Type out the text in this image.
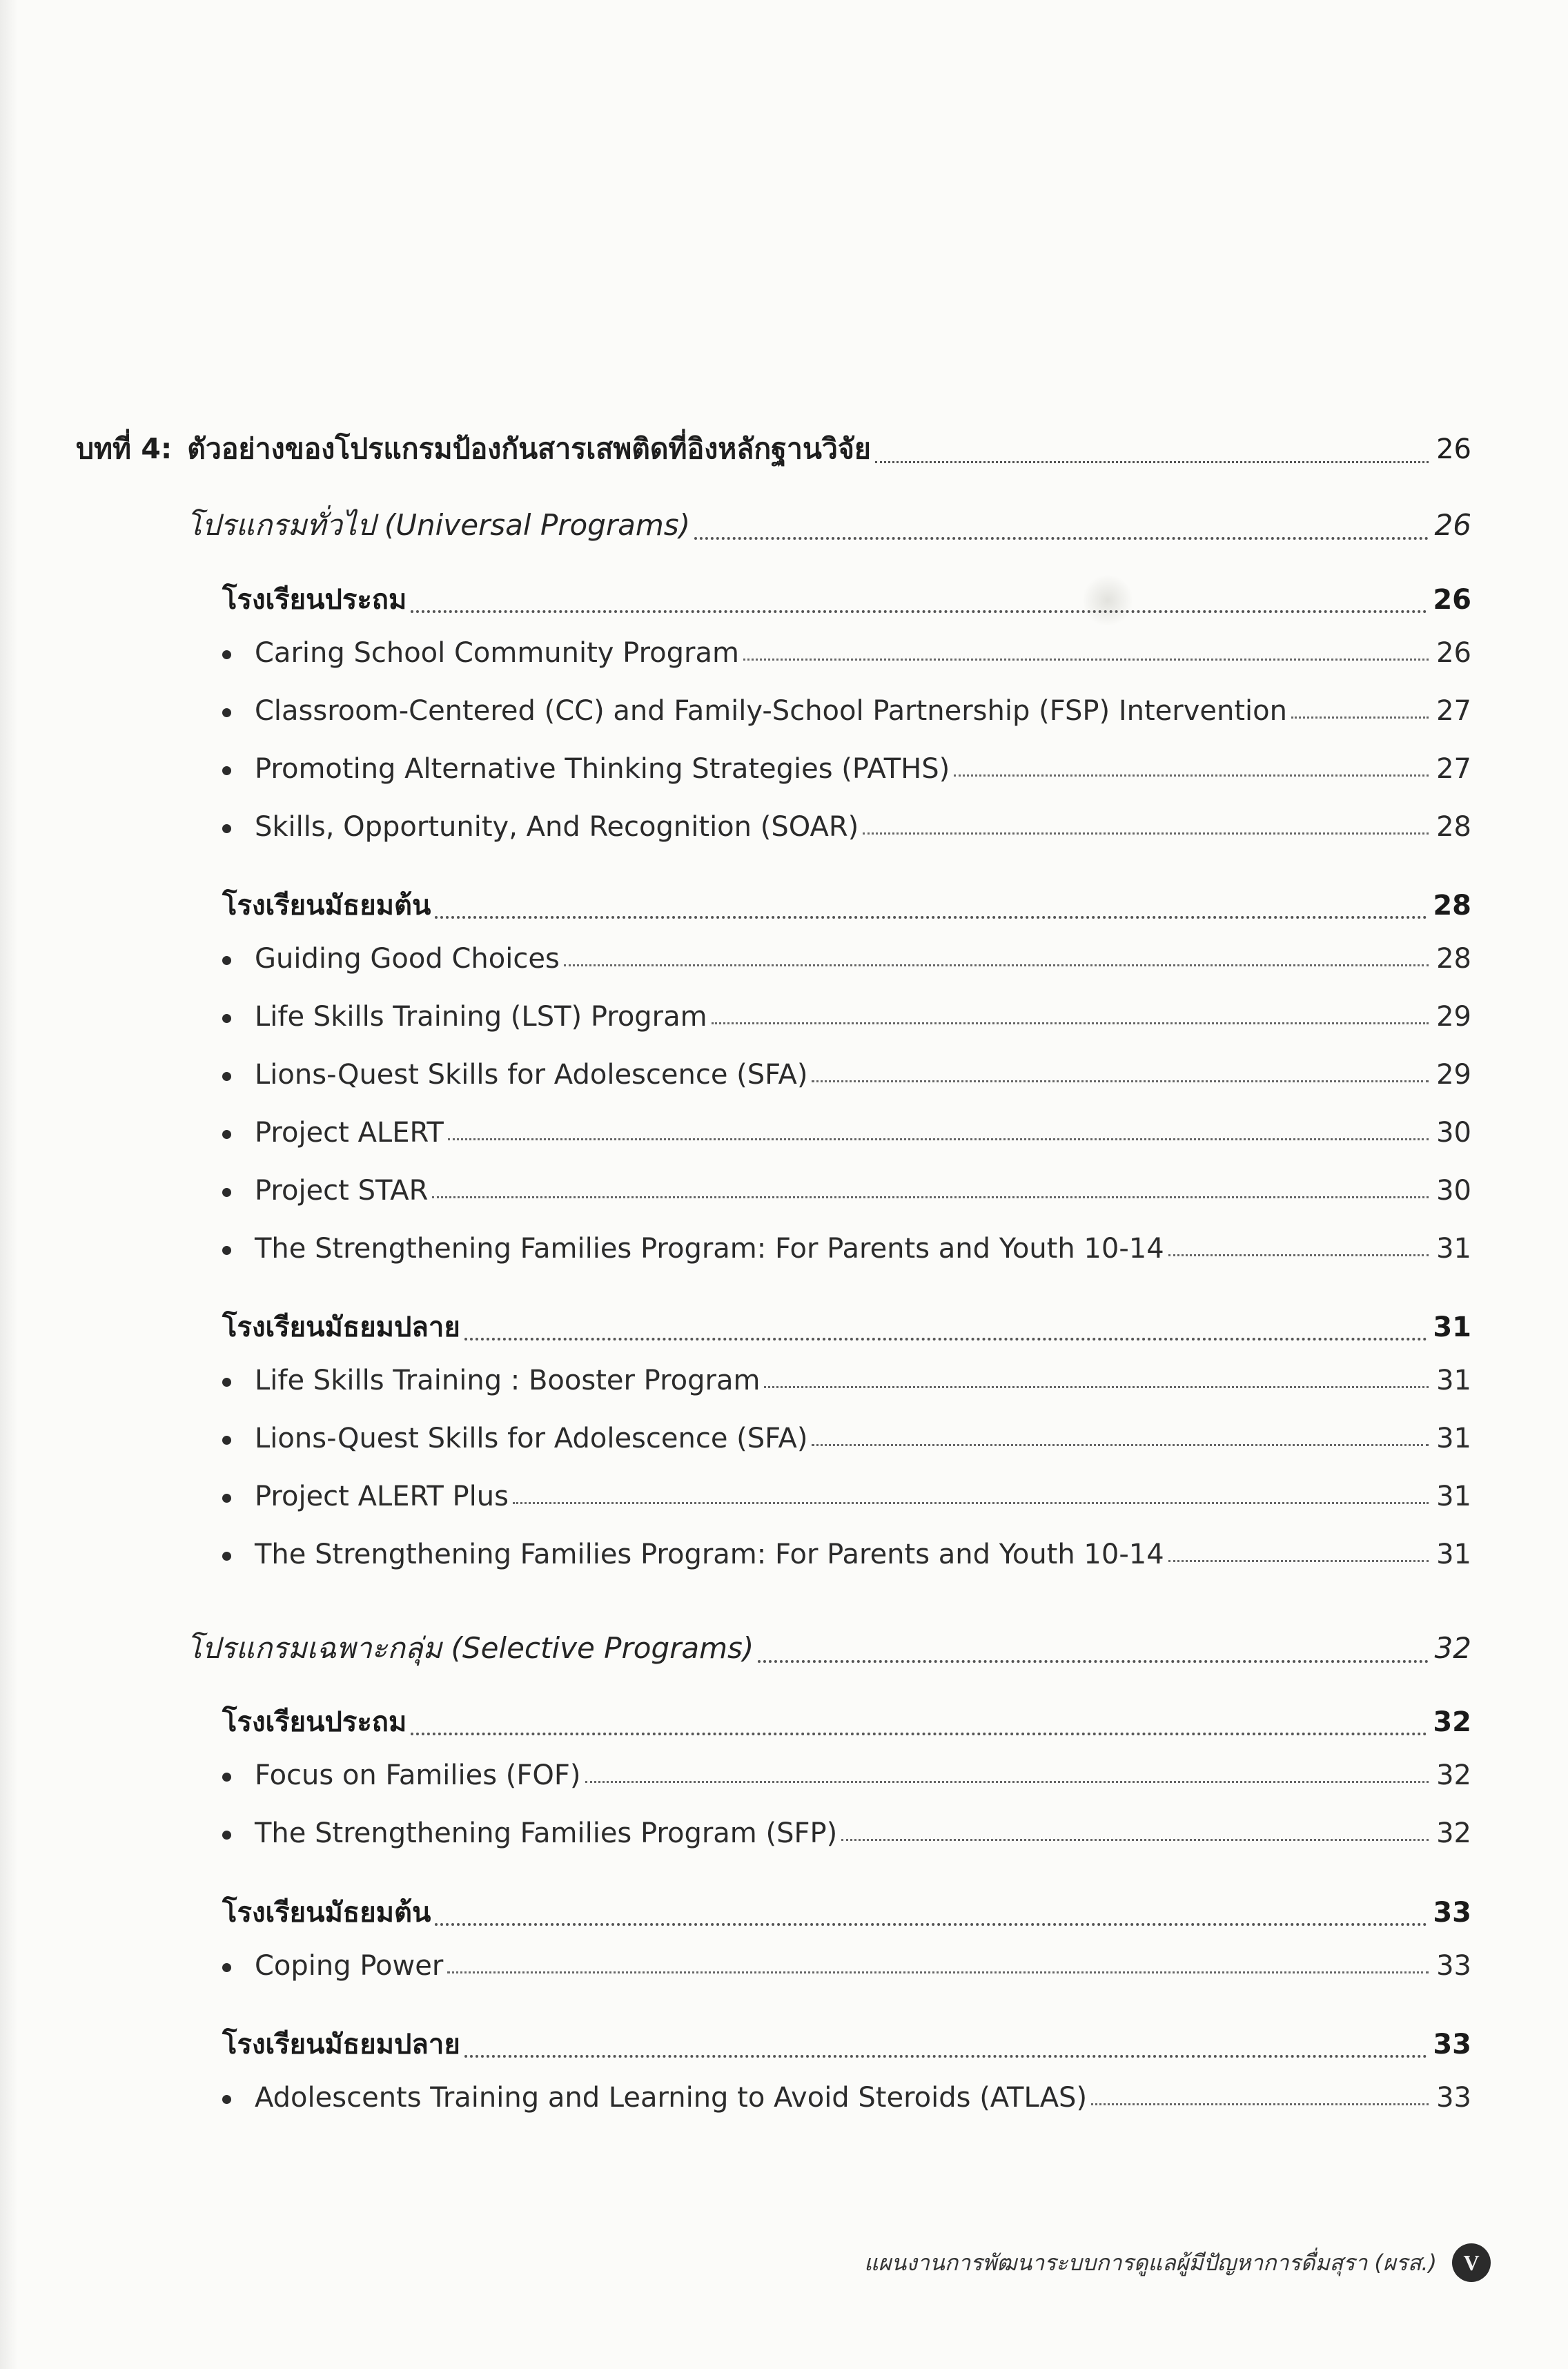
บทที่ 4: ตัวอย่างของโปรแกรมป้องกันสารเสพติดที่อิงหลักฐานวิจัย	26
โปรแกรมทั่วไป (Universal Programs)	26
โรงเรียนประถม	26
Caring School Community Program	26
Classroom-Centered (CC) and Family-School Partnership (FSP) Intervention	27
Promoting Alternative Thinking Strategies (PATHS)	27
Skills, Opportunity, And Recognition (SOAR)	28
โรงเรียนมัธยมต้น	28
Guiding Good Choices	28
Life Skills Training (LST) Program	29
Lions-Quest Skills for Adolescence (SFA)	29
Project ALERT	30
Project STAR	30
The Strengthening Families Program: For Parents and Youth 10-14	31
โรงเรียนมัธยมปลาย	31
Life Skills Training : Booster Program	31
Lions-Quest Skills for Adolescence (SFA)	31
Project ALERT Plus	31
The Strengthening Families Program: For Parents and Youth 10-14	31
โปรแกรมเฉพาะกลุ่ม (Selective Programs)	32
โรงเรียนประถม	32
Focus on Families (FOF)	32
The Strengthening Families Program (SFP)	32
โรงเรียนมัธยมต้น	33
Coping Power	33
โรงเรียนมัธยมปลาย	33
Adolescents Training and Learning to Avoid Steroids (ATLAS)	33
แผนงานการพัฒนาระบบการดูแลผู้มีปัญหาการดื่มสุรา (ผรส.)	V
